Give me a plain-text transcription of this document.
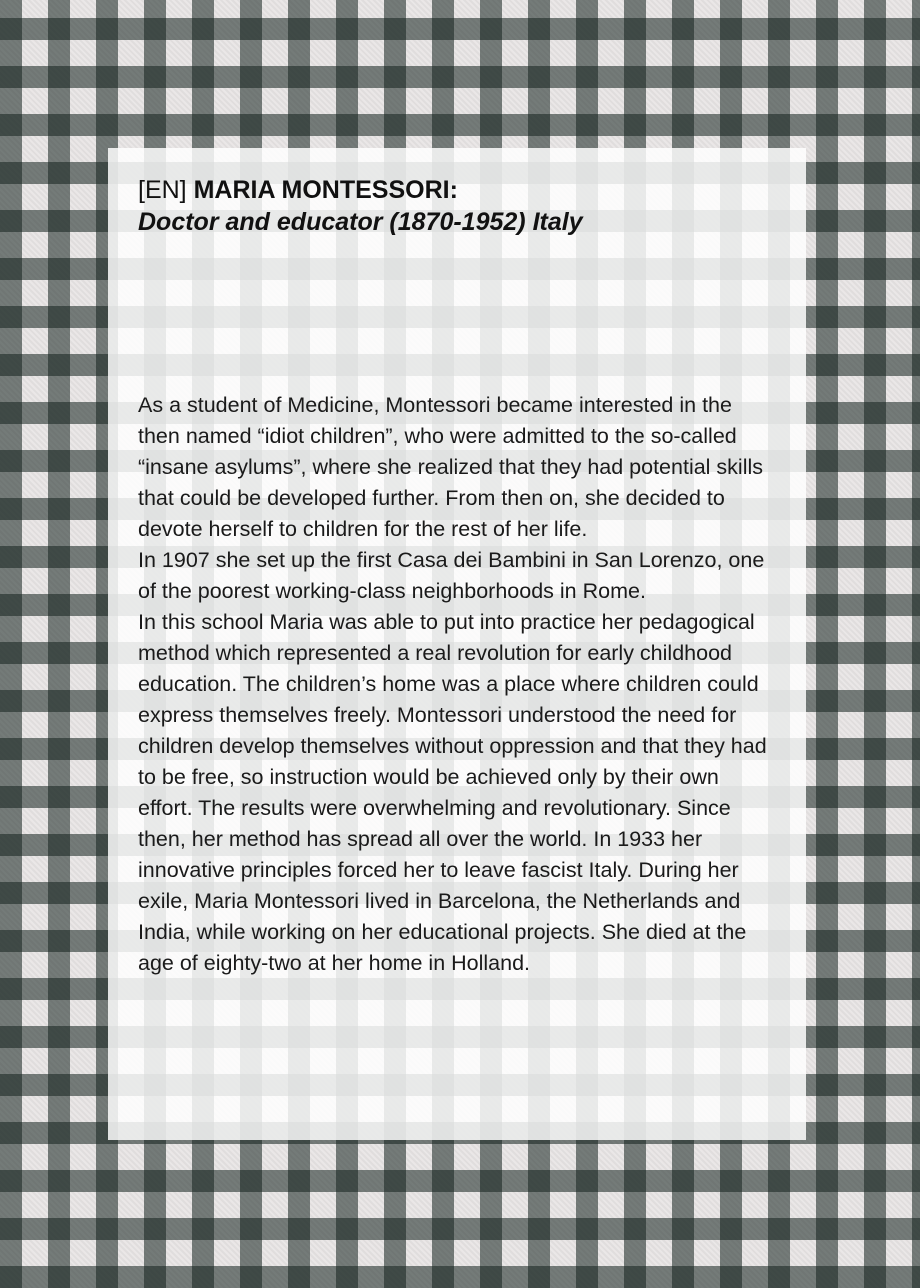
[EN] MARIA MONTESSORI:
Doctor and educator (1870-1952) Italy

As a student of Medicine, Montessori became interested in the then named “idiot children”, who were admitted to the so-called “insane asylums”, where she realized that they had potential skills that could be developed further. From then on, she decided to devote herself to children for the rest of her life.

In 1907 she set up the first Casa dei Bambini in San Lorenzo, one of the poorest working-class neighborhoods in Rome.

In this school Maria was able to put into practice her pedagogical method which represented a real revolution for early childhood education. The children’s home was a place where children could express themselves freely. Montessori understood the need for children develop themselves without oppression and that they had to be free, so instruction would be achieved only by their own effort. The results were overwhelming and revolutionary. Since then, her method has spread all over the world. In 1933 her innovative principles forced her to leave fascist Italy. During her exile, Maria Montessori lived in Barcelona, the Netherlands and India, while working on her educational projects. She died at the age of eighty-two at her home in Holland.
